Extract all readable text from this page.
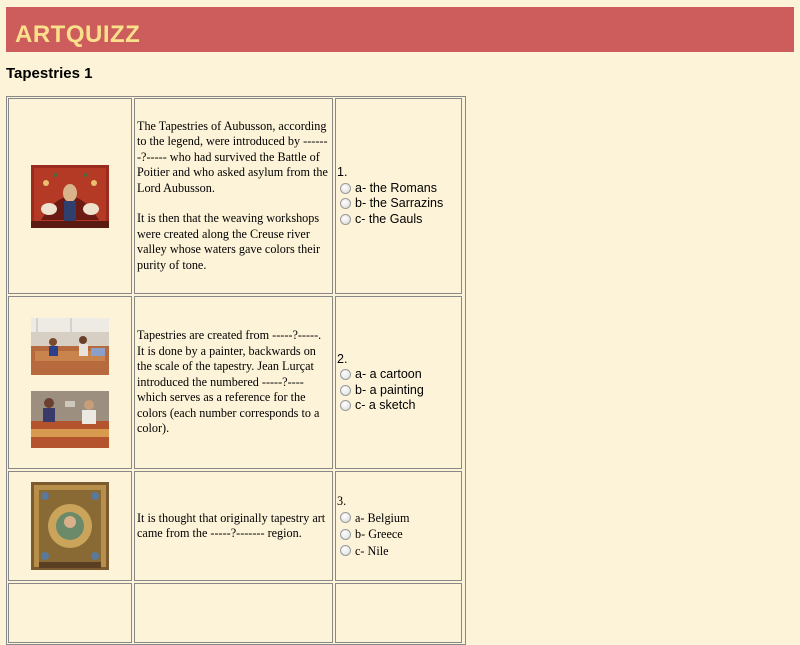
ARTQUIZZ
Tapestries 1

The Tapestries of Aubusson, according to the legend, were introduced by -------?----- who had survived the Battle of Poitier and who asked asylum from the Lord Aubusson.

It is then that the weaving workshops were created along the Creuse river valley whose waters gave colors their purity of tone.

1.
a- the Romans
b- the Sarrazins
c- the Gauls

Tapestries are created from -----?-----. It is done by a painter, backwards on the scale of the tapestry. Jean Lurçat introduced the numbered -----?---- which serves as a reference for the colors (each number corresponds to a color).

2.
a- a cartoon
b- a painting
c- a sketch

It is thought that originally tapestry art came from the -----?------- region.

3.
a- Belgium
b- Greece
c- Nile
